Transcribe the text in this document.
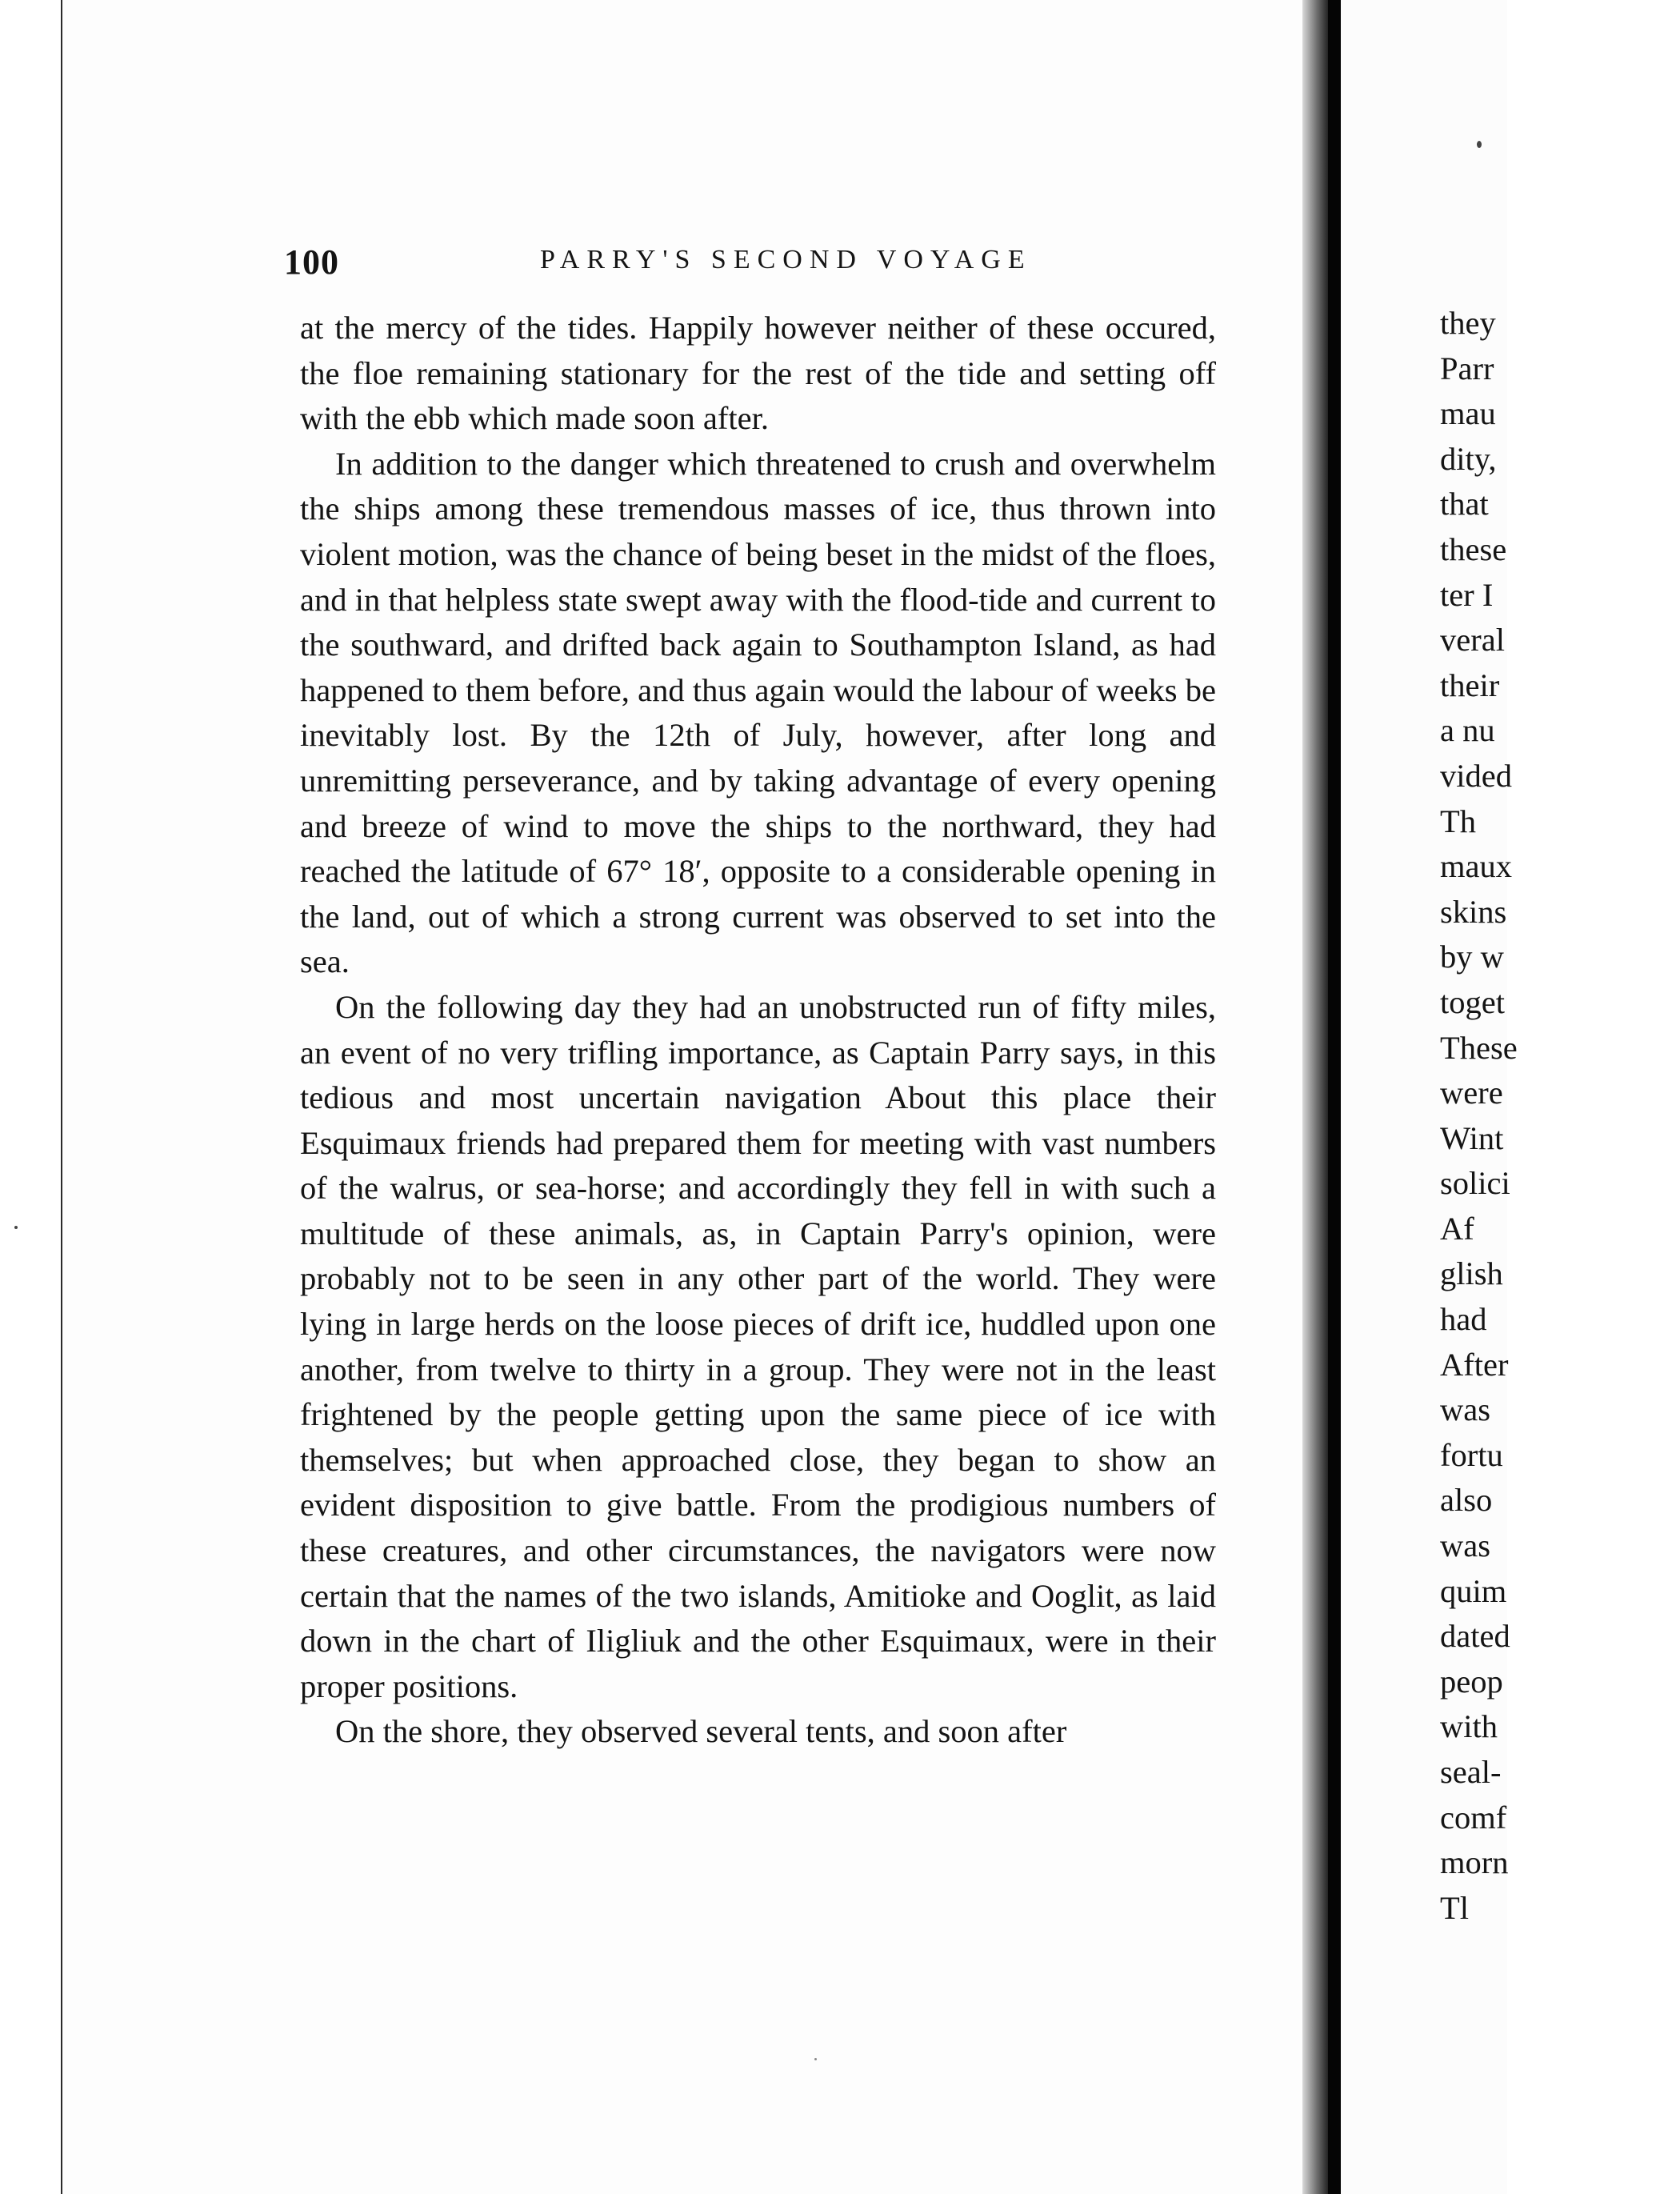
100	PARRY'S SECOND VOYAGE

at the mercy of the tides. Happily however neither of these occured, the floe remaining stationary for the rest of the tide and setting off with the ebb which made soon after.

In addition to the danger which threatened to crush and overwhelm the ships among these tremendous masses of ice, thus thrown into violent motion, was the chance of being beset in the midst of the floes, and in that helpless state swept away with the flood-tide and current to the southward, and drifted back again to Southampton Island, as had happened to them before, and thus again would the labour of weeks be inevitably lost. By the 12th of July, however, after long and unremitting perseverance, and by taking advantage of every opening and breeze of wind to move the ships to the northward, they had reached the latitude of 67° 18′, opposite to a considerable opening in the land, out of which a strong current was observed to set into the sea.

On the following day they had an unobstructed run of fifty miles, an event of no very trifling importance, as Captain Parry says, in this tedious and most uncertain navigation About this place their Esquimaux friends had prepared them for meeting with vast numbers of the walrus, or sea-horse; and accordingly they fell in with such a multitude of these animals, as, in Captain Parry's opinion, were probably not to be seen in any other part of the world. They were lying in large herds on the loose pieces of drift ice, huddled upon one another, from twelve to thirty in a group. They were not in the least frightened by the people getting upon the same piece of ice with themselves; but when approached close, they began to show an evident disposition to give battle. From the prodigious numbers of these creatures, and other circumstances, the navigators were now certain that the names of the two islands, Amitioke and Ooglit, as laid down in the chart of Iligliuk and the other Esquimaux, were in their proper positions.

On the shore, they observed several tents, and soon after

they
Parr
mau
dity,
that
these
ter I
veral
their
a nu
vided
Th
maux
skins
by w
toget
These
were
Wint
solici
Af
glish
had
After
was
fortu
also
was
quim
dated
peop
with
seal-
comf
morn
Tl
